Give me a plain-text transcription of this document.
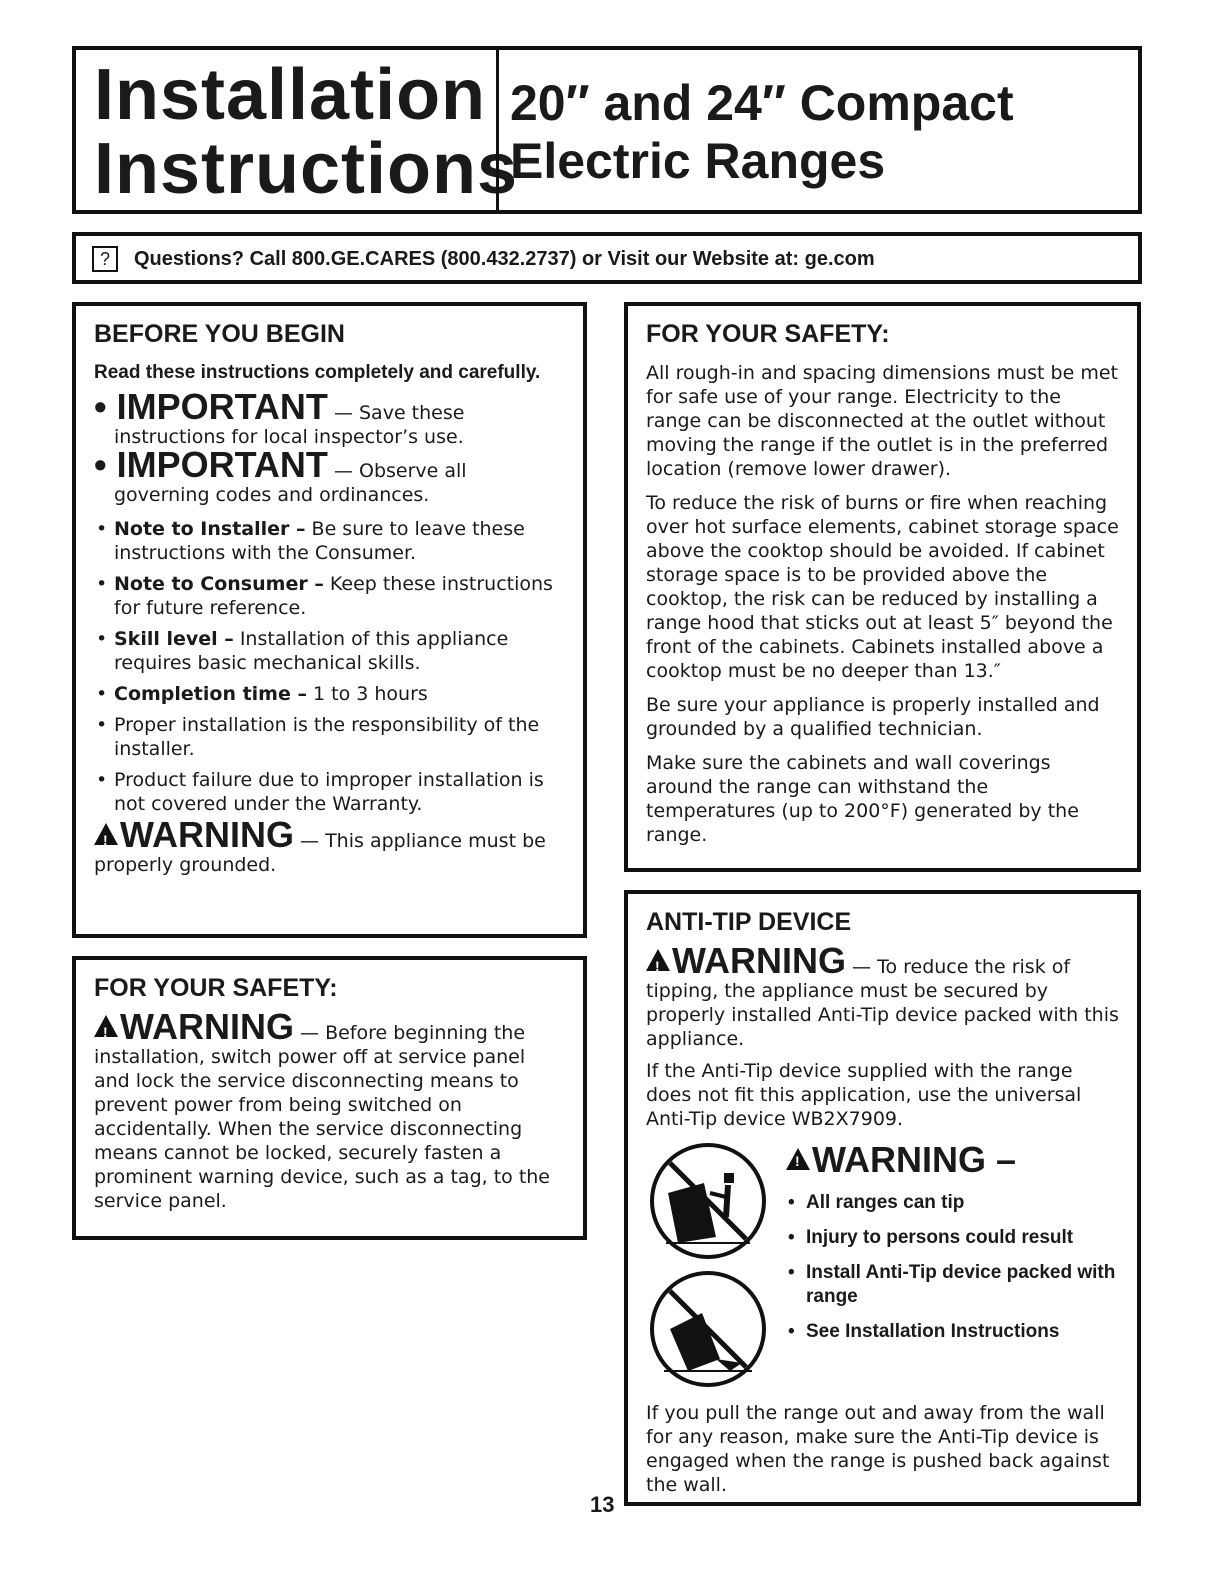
Installation
Instructions
20″ and 24″ Compact
Electric Ranges
?	Questions? Call 800.GE.CARES (800.432.2737) or Visit our Website at: ge.com
BEFORE YOU BEGIN
Read these instructions completely and carefully.
• IMPORTANT — Save these
instructions for local inspector’s use.
• IMPORTANT — Observe all
governing codes and ordinances.
• Note to Installer – Be sure to leave these instructions with the Consumer.
• Note to Consumer – Keep these instructions for future reference.
• Skill level – Installation of this appliance requires basic mechanical skills.
• Completion time – 1 to 3 hours
• Proper installation is the responsibility of the installer.
• Product failure due to improper installation is not covered under the Warranty.
!WARNING — This appliance must be properly grounded.
FOR YOUR SAFETY:
!WARNING — Before beginning the installation, switch power off at service panel and lock the service disconnecting means to prevent power from being switched on accidentally. When the service disconnecting means cannot be locked, securely fasten a prominent warning device, such as a tag, to the service panel.
FOR YOUR SAFETY:

All rough-in and spacing dimensions must be met for safe use of your range. Electricity to the range can be disconnected at the outlet without moving the range if the outlet is in the preferred location (remove lower drawer).

To reduce the risk of burns or fire when reaching over hot surface elements, cabinet storage space above the cooktop should be avoided. If cabinet storage space is to be provided above the cooktop, the risk can be reduced by installing a range hood that sticks out at least 5″ beyond the front of the cabinets. Cabinets installed above a cooktop must be no deeper than 13.″

Be sure your appliance is properly installed and grounded by a qualified technician.

Make sure the cabinets and wall coverings around the range can withstand the temperatures (up to 200°F) generated by the range.

ANTI-TIP DEVICE
!WARNING — To reduce the risk of tipping, the appliance must be secured by properly installed Anti-Tip device packed with this appliance.

If the Anti-Tip device supplied with the range does not fit this application, use the universal Anti-Tip device WB2X7909.

!WARNING –
• All ranges can tip
• Injury to persons could result
• Install Anti-Tip device packed with range
• See Installation Instructions

If you pull the range out and away from the wall for any reason, make sure the Anti-Tip device is engaged when the range is pushed back against the wall.

13
